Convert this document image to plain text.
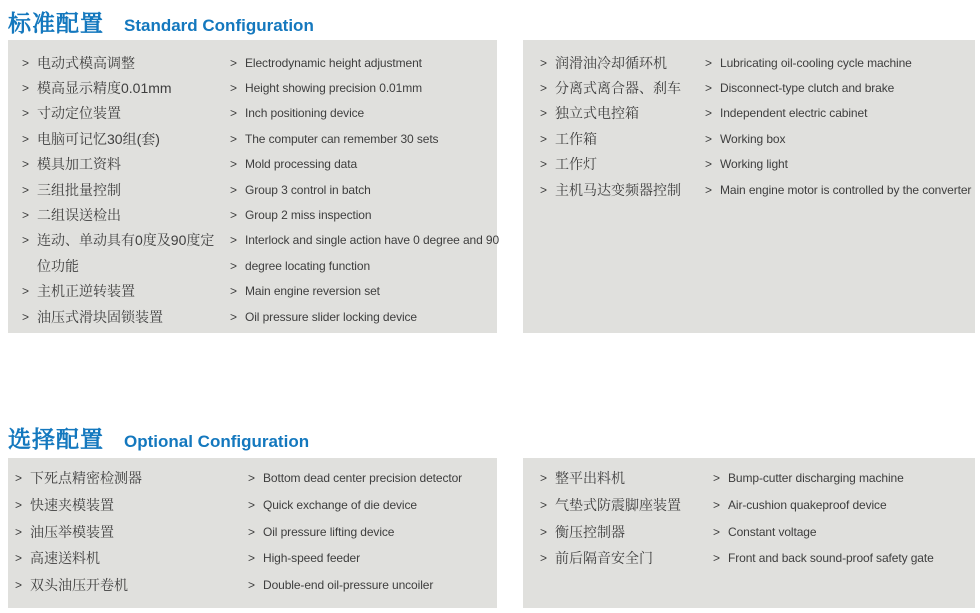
标准配置 Standard Configuration
> 电动式模高调整
> 模高显示精度0.01mm
> 寸动定位装置
> 电脑可记忆30组(套)
> 模具加工资料
> 三组批量控制
> 二组误送检出
> 连动、单动具有0度及90度定
位功能
> 主机正逆转装置
> 油压式滑块固锁装置
> Electrodynamic height adjustment
> Height showing precision 0.01mm
> Inch positioning device
> The computer can remember 30 sets
> Mold processing data
> Group 3 control in batch
> Group 2 miss inspection
> Interlock and single action have 0 degree and 90
> degree locating function
> Main engine reversion set
> Oil pressure slider locking device
> 润滑油冷却循环机
> 分离式离合器、刹车
> 独立式电控箱
> 工作箱
> 工作灯
> 主机马达变频器控制
> Lubricating oil-cooling cycle machine
> Disconnect-type clutch and brake
> Independent electric cabinet
> Working box
> Working light
> Main engine motor is controlled by the converter
选择配置 Optional Configuration
> 下死点精密检测器
> 快速夹模装置
> 油压举模装置
> 高速送料机
> 双头油压开卷机
> Bottom dead center precision detector
> Quick exchange of die device
> Oil pressure lifting device
> High-speed feeder
> Double-end oil-pressure uncoiler
> 整平出料机
> 气垫式防震脚座装置
> 衡压控制器
> 前后隔音安全门
> Bump-cutter discharging machine
> Air-cushion quakeproof device
> Constant voltage
> Front and back sound-proof safety gate
